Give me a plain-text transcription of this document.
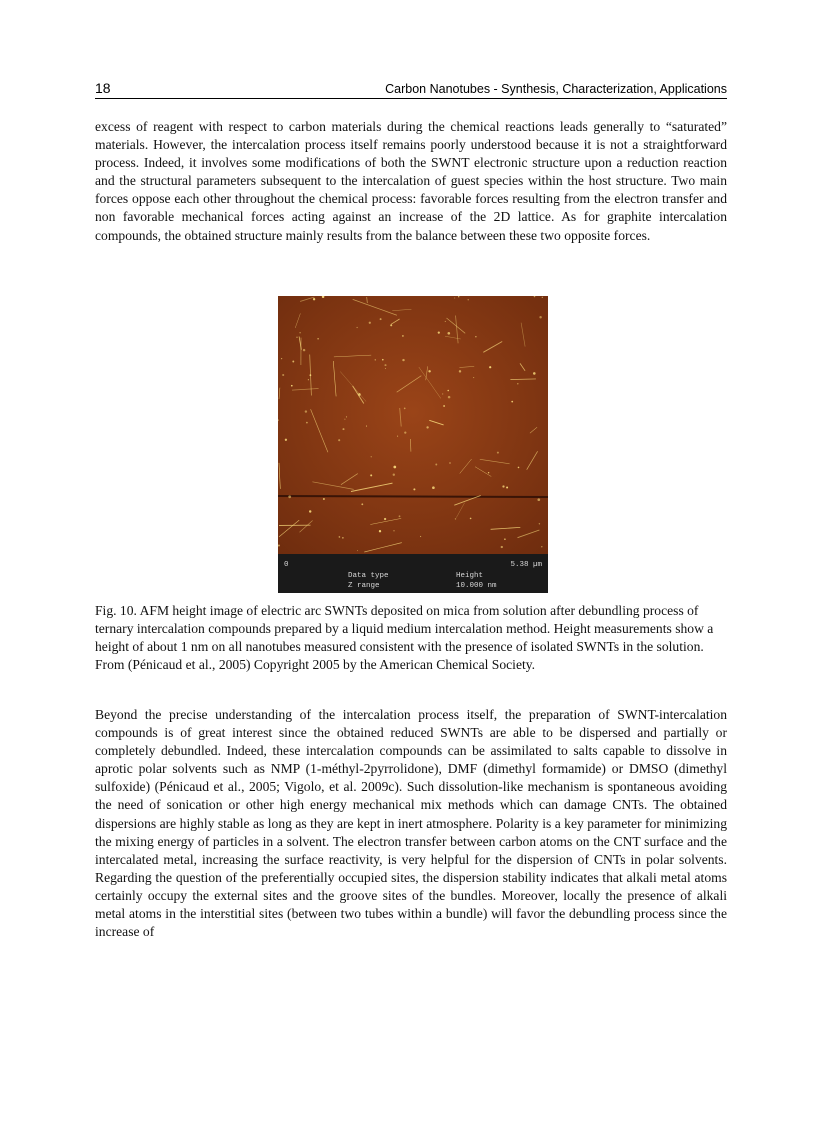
18	Carbon Nanotubes - Synthesis, Characterization, Applications

excess of reagent with respect to carbon materials during the chemical reactions leads generally to “saturated” materials. However, the intercalation process itself remains poorly understood because it is not a straightforward process. Indeed, it involves some modifications of both the SWNT electronic structure upon a reduction reaction and the structural parameters subsequent to the intercalation of guest species within the host structure. Two main forces oppose each other throughout the chemical process: favorable forces resulting from the electron transfer and non favorable mechanical forces acting against an increase of the 2D lattice. As for graphite intercalation compounds, the obtained structure mainly results from the balance between these two opposite forces.

0	5.38 µm
Data type	Height
Z range	10.000 nm

Fig. 10. AFM height image of electric arc SWNTs deposited on mica from solution after debundling process of ternary intercalation compounds prepared by a liquid medium intercalation method. Height measurements show a height of about 1 nm on all nanotubes measured consistent with the presence of isolated SWNTs in the solution. From (Pénicaud et al., 2005) Copyright 2005 by the American Chemical Society.

Beyond the precise understanding of the intercalation process itself, the preparation of SWNT-intercalation compounds is of great interest since the obtained reduced SWNTs are able to be dispersed and partially or completely debundled. Indeed, these intercalation compounds can be assimilated to salts capable to dissolve in aprotic polar solvents such as NMP (1-méthyl-2pyrrolidone), DMF (dimethyl formamide) or DMSO (dimethyl sulfoxide) (Pénicaud et al., 2005; Vigolo, et al. 2009c). Such dissolution-like mechanism is spontaneous avoiding the need of sonication or other high energy mechanical mix methods which can damage CNTs. The obtained dispersions are highly stable as long as they are kept in inert atmosphere. Polarity is a key parameter for minimizing the mixing energy of particles in a solvent. The electron transfer between carbon atoms on the CNT surface and the intercalated metal, increasing the surface reactivity, is very helpful for the dispersion of CNTs in polar solvents. Regarding the question of the preferentially occupied sites, the dispersion stability indicates that alkali metal atoms certainly occupy the external sites and the groove sites of the bundles. Moreover, locally the presence of alkali metal atoms in the interstitial sites (between two tubes within a bundle) will favor the debundling process since the increase of
